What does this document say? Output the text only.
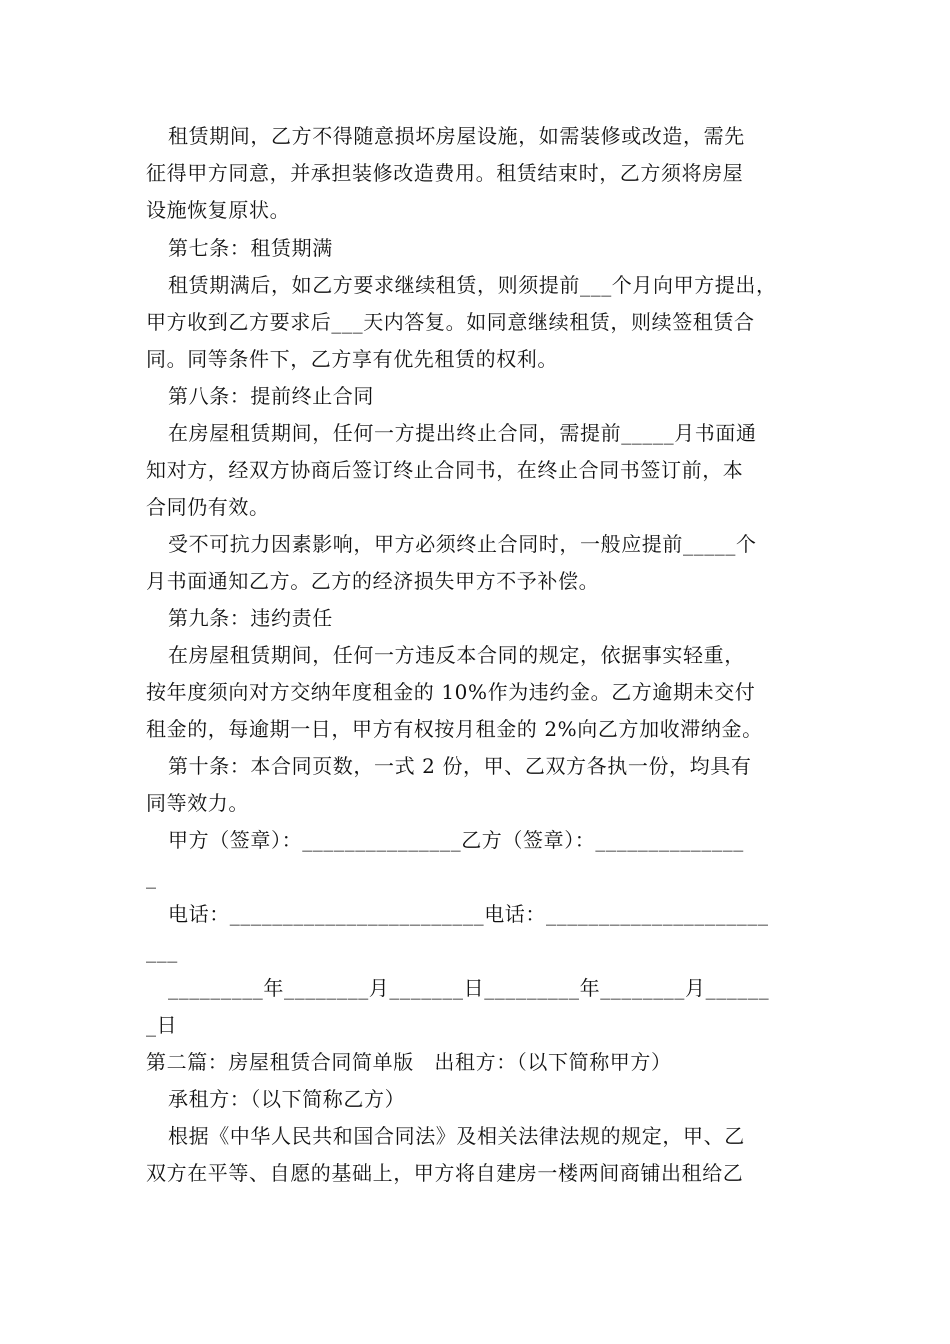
租赁期间，乙方不得随意损坏房屋设施，如需装修或改造，需先
征得甲方同意，并承担装修改造费用。租赁结束时，乙方须将房屋
设施恢复原状。
第七条：租赁期满
租赁期满后，如乙方要求继续租赁，则须提前___个月向甲方提出，
甲方收到乙方要求后___天内答复。如同意继续租赁，则续签租赁合
同。同等条件下，乙方享有优先租赁的权利。
第八条：提前终止合同
在房屋租赁期间，任何一方提出终止合同，需提前_____月书面通
知对方，经双方协商后签订终止合同书，在终止合同书签订前，本
合同仍有效。
受不可抗力因素影响，甲方必须终止合同时，一般应提前_____个
月书面通知乙方。乙方的经济损失甲方不予补偿。
第九条：违约责任
在房屋租赁期间，任何一方违反本合同的规定，依据事实轻重，
按年度须向对方交纳年度租金的 10%作为违约金。乙方逾期未交付
租金的，每逾期一日，甲方有权按月租金的 2%向乙方加收滞纳金。
第十条：本合同页数，一式 2 份，甲、乙双方各执一份，均具有
同等效力。
甲方（签章）：_______________乙方（签章）：______________
_
电话：________________________电话：_____________________
___
_________年________月_______日_________年________月______
_日
第二篇：房屋租赁合同简单版　出租方：（以下简称甲方）
承租方：（以下简称乙方）
根据《中华人民共和国合同法》及相关法律法规的规定，甲、乙
双方在平等、自愿的基础上，甲方将自建房一楼两间商铺出租给乙
